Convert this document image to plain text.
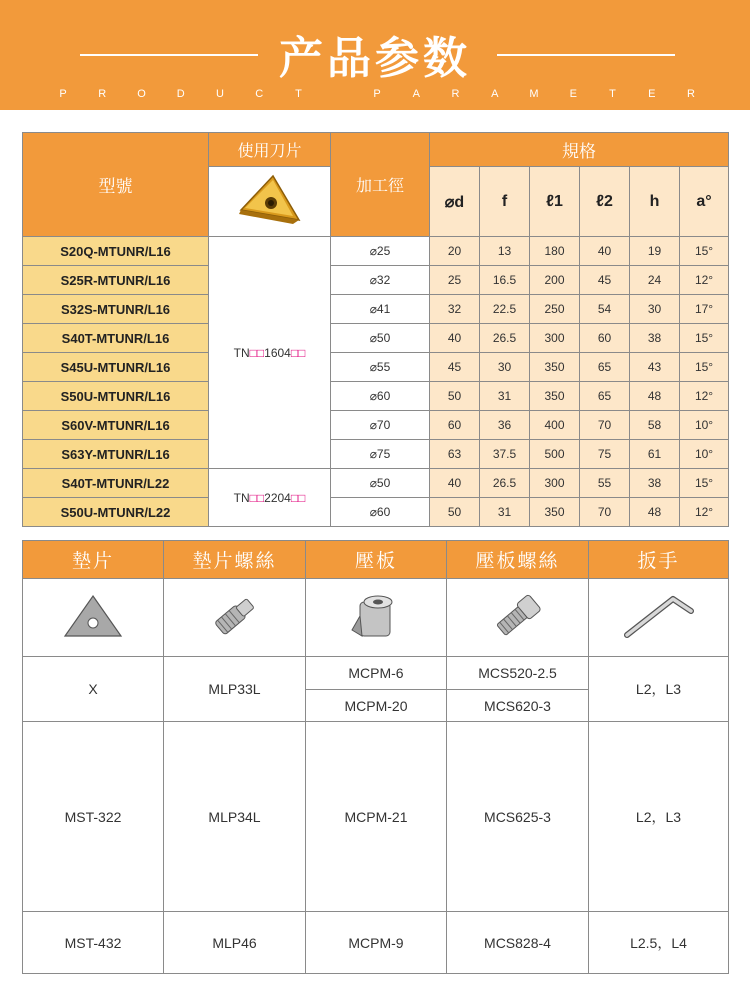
产品参数
P	R	O	D	U	C	T	P	A	R	A	M	E	T	E	R
型號	使用刀片	加工徑	規格					
	⌀d	f	ℓ1	ℓ2	h	a°
S20Q-MTUNR/L16	TN□□1604□□	⌀25	20	13	180	40	19	15°
S25R-MTUNR/L16		⌀32	25	16.5	200	45	24	12°
S32S-MTUNR/L16		⌀41	32	22.5	250	54	30	17°
S40T-MTUNR/L16		⌀50	40	26.5	300	60	38	15°
S45U-MTUNR/L16		⌀55	45	30	350	65	43	15°
S50U-MTUNR/L16		⌀60	50	31	350	65	48	12°
S60V-MTUNR/L16		⌀70	60	36	400	70	58	10°
S63Y-MTUNR/L16		⌀75	63	37.5	500	75	61	10°
S40T-MTUNR/L22	TN□□2204□□	⌀50	40	26.5	300	55	38	15°
S50U-MTUNR/L22		⌀60	50	31	350	70	48	12°
墊片	墊片螺絲	壓板	壓板螺絲	扳手

X	MLP33L	MCPM-6	MCS520-2.5	L2，L3
		MCPM-20	MCS620-3	
MST-322	MLP34L	MCPM-21	MCS625-3	L2，L3
MST-432	MLP46	MCPM-9	MCS828-4	L2.5，L4
